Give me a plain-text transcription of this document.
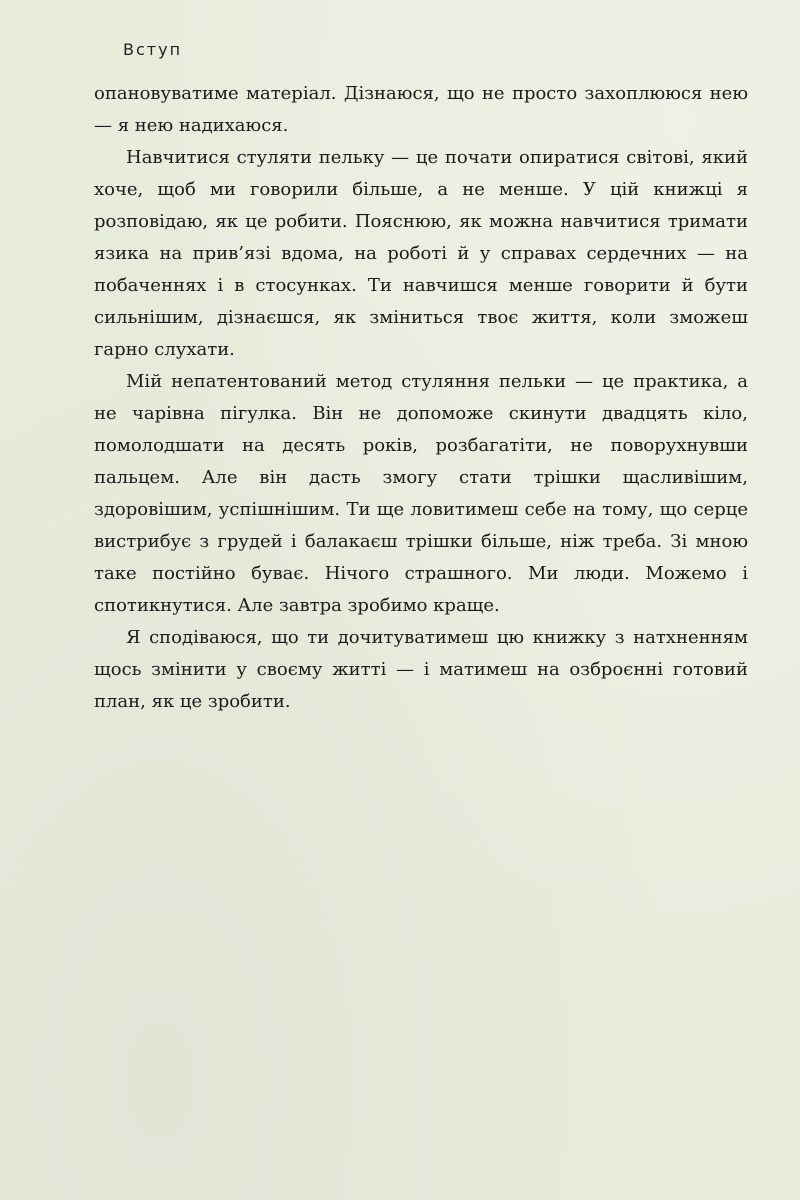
Вступ

опановуватиме матеріал. Дізнаюся, що не просто захоплююся нею — я нею надихаюся.

Навчитися стуляти пельку — це почати опиратися світові, який хоче, щоб ми говорили більше, а не менше. У цій книжці я розповідаю, як це робити. Пояснюю, як можна навчитися тримати язика на прив’язі вдома, на роботі й у справах сердечних — на побаченнях і в стосунках. Ти навчишся менше говорити й бути сильнішим, дізнаєшся, як зміниться твоє життя, коли зможеш гарно слухати.

Мій непатентований метод стуляння пельки — це практика, а не чарівна пігулка. Він не допоможе скинути двадцять кіло, помолодшати на десять років, розбагатіти, не поворухнувши пальцем. Але він дасть змогу стати трішки щасливішим, здоровішим, успішнішим. Ти ще ловитимеш себе на тому, що серце вистрибує з грудей і балакаєш трішки більше, ніж треба. Зі мною таке постійно буває. Нічого страшного. Ми люди. Можемо і спотикнутися. Але завтра зробимо краще.

Я сподіваюся, що ти дочитуватимеш цю книжку з натхненням щось змінити у своєму житті — і матимеш на озброєнні готовий план, як це зробити.
